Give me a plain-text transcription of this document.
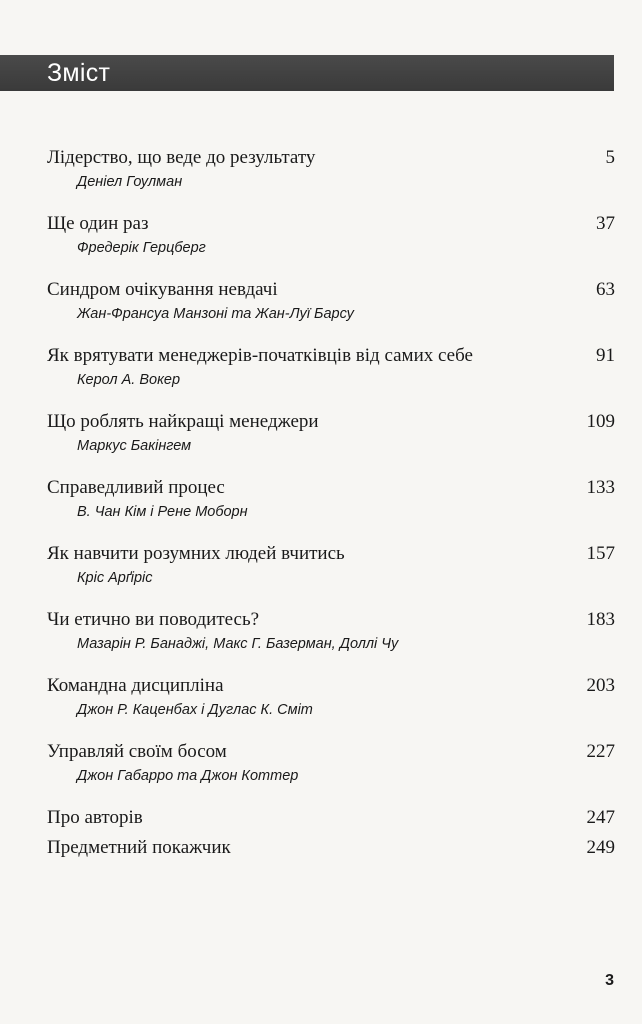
Зміст
Лідерство, що веде до результату	5
Деніел Гоулман
Ще один раз	37
Фредерік Герцберг
Синдром очікування невдачі	63
Жан-Франсуа Манзоні та Жан-Луї Барсу
Як врятувати менеджерів-початківців від самих себе	91
Керол А. Вокер
Що роблять найкращі менеджери	109
Маркус Бакінгем
Справедливий процес	133
В. Чан Кім і Рене Моборн
Як навчити розумних людей вчитись	157
Кріс Арґіріс
Чи етично ви поводитесь?	183
Мазарін Р. Банаджі, Макс Г. Базерман, Доллі Чу
Командна дисципліна	203
Джон Р. Каценбах і Дуглас К. Сміт
Управляй своїм босом	227
Джон Габарро та Джон Коттер
Про авторів	247
Предметний покажчик	249
3
